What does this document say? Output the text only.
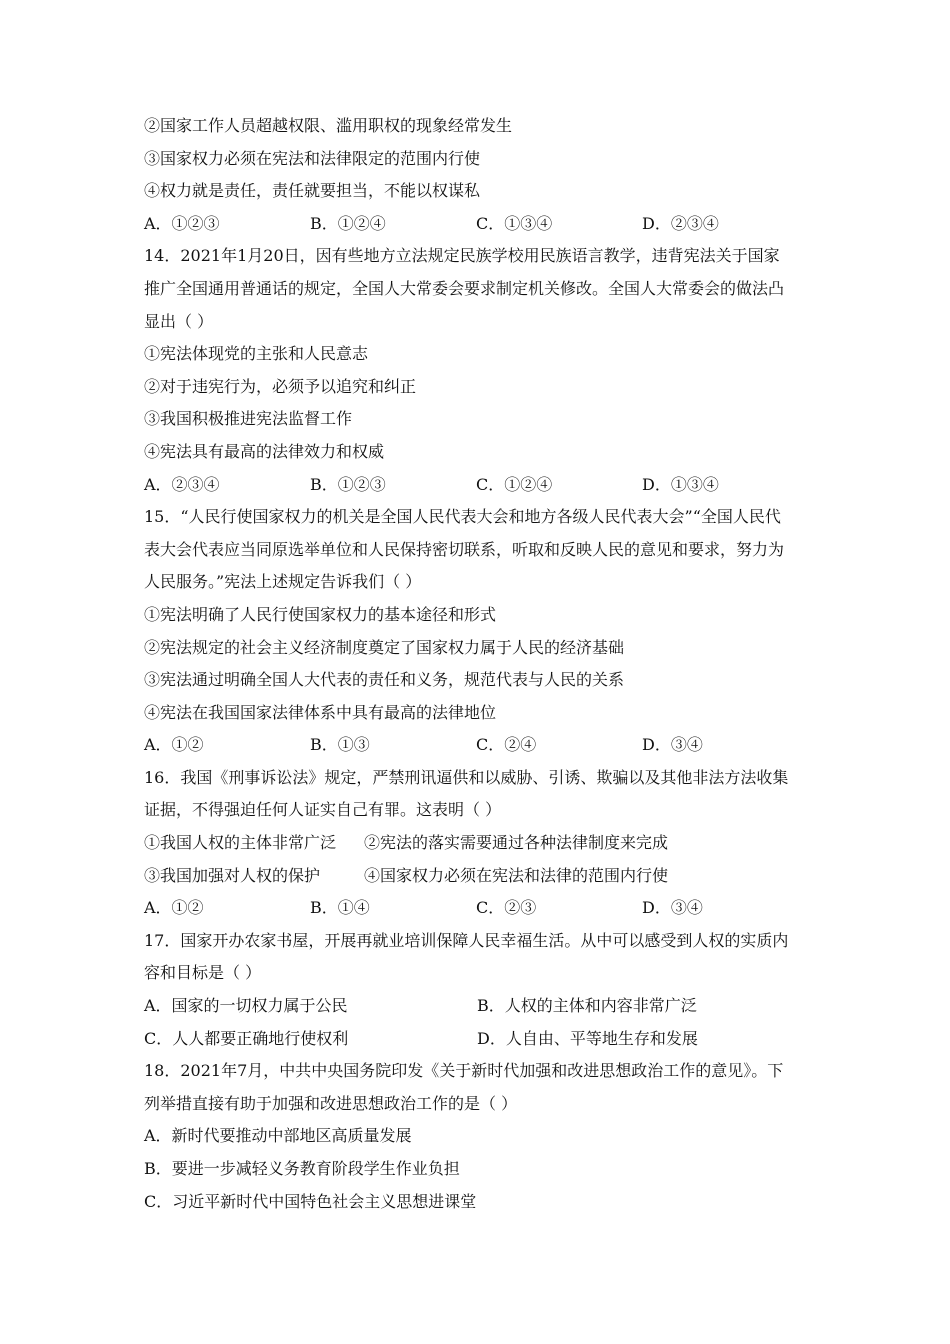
②国家工作人员超越权限、滥用职权的现象经常发生
③国家权力必须在宪法和法律限定的范围内行使
④权力就是责任，责任就要担当，不能以权谋私
A．①②③	B．①②④	C．①③④	D．②③④
14．2021年1月20日，因有些地方立法规定民族学校用民族语言教学，违背宪法关于国家
推广全国通用普通话的规定，全国人大常委会要求制定机关修改。全国人大常委会的做法凸
显出（ ）
①宪法体现党的主张和人民意志
②对于违宪行为，必须予以追究和纠正
③我国积极推进宪法监督工作
④宪法具有最高的法律效力和权威
A．②③④	B．①②③	C．①②④	D．①③④
15．“人民行使国家权力的机关是全国人民代表大会和地方各级人民代表大会”“全国人民代
表大会代表应当同原选举单位和人民保持密切联系，听取和反映人民的意见和要求，努力为
人民服务。”宪法上述规定告诉我们（ ）
①宪法明确了人民行使国家权力的基本途径和形式
②宪法规定的社会主义经济制度奠定了国家权力属于人民的经济基础
③宪法通过明确全国人大代表的责任和义务，规范代表与人民的关系
④宪法在我国国家法律体系中具有最高的法律地位
A．①②	B．①③	C．②④	D．③④
16．我国《刑事诉讼法》规定，严禁刑讯逼供和以威胁、引诱、欺骗以及其他非法方法收集
证据，不得强迫任何人证实自己有罪。这表明（ ）
①我国人权的主体非常广泛 ②宪法的落实需要通过各种法律制度来完成
③我国加强对人权的保护	④国家权力必须在宪法和法律的范围内行使
A．①②	B．①④	C．②③	D．③④
17．国家开办农家书屋，开展再就业培训保障人民幸福生活。从中可以感受到人权的实质内
容和目标是（ ）
A．国家的一切权力属于公民	B．人权的主体和内容非常广泛
C．人人都要正确地行使权利	D．人自由、平等地生存和发展
18．2021年7月，中共中央国务院印发《关于新时代加强和改进思想政治工作的意见》。下
列举措直接有助于加强和改进思想政治工作的是（ ）
A．新时代要推动中部地区高质量发展
B．要进一步减轻义务教育阶段学生作业负担
C．习近平新时代中国特色社会主义思想进课堂
